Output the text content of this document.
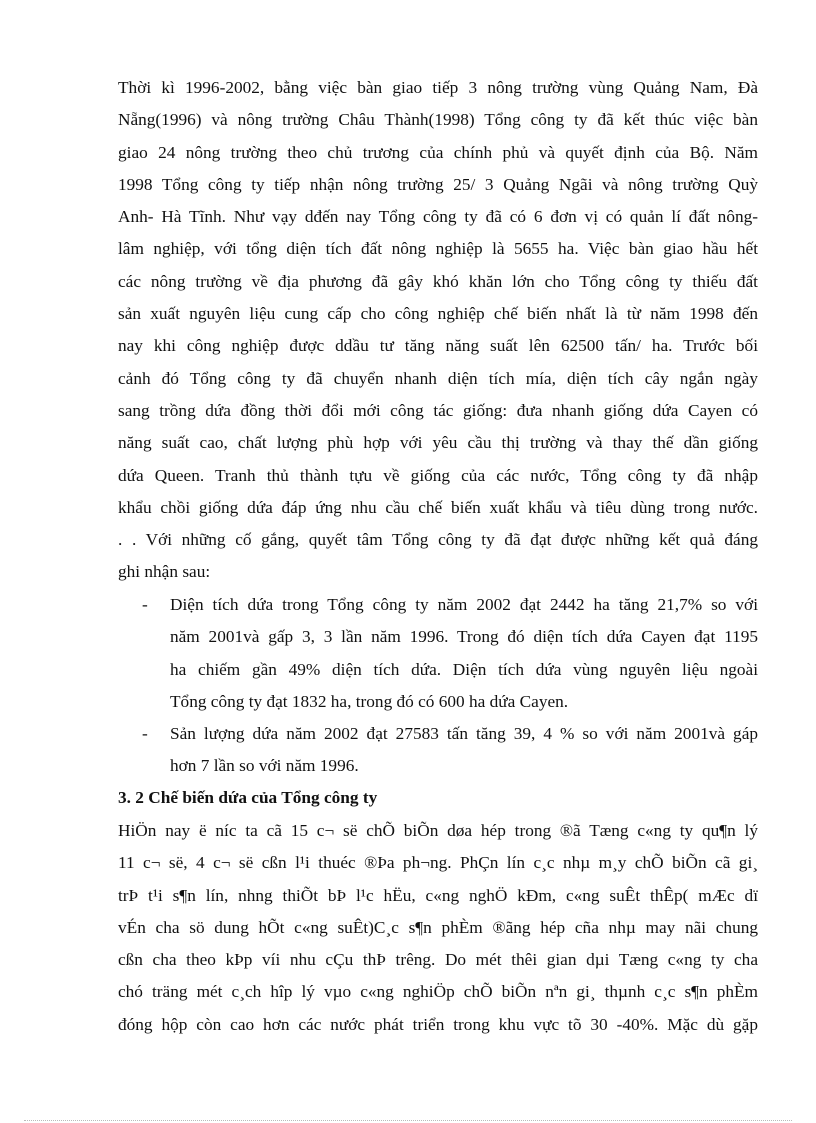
Thời kì 1996-2002, bằng việc bàn giao tiếp 3 nông trường vùng Quảng Nam, Đà
Nẵng(1996) và nông trường Châu Thành(1998) Tổng công ty đã kết thúc việc bàn
giao 24 nông trường theo chủ trương của chính phủ và quyết định của Bộ. Năm
1998 Tổng công ty tiếp nhận nông trường 25/ 3 Quảng Ngãi và nông trường Quỳ
Anh- Hà Tĩnh. Như vạy dđến nay Tổng công ty đã có 6 đơn vị có quản lí đất nông-
lâm nghiệp, với tổng diện tích đất nông nghiệp là 5655 ha. Việc bàn giao hầu hết
các nông trường về địa phương đã gây khó khăn lớn cho Tổng công ty thiếu đất
sản xuất nguyên liệu cung cấp cho công nghiệp chế biến nhất là từ năm 1998 đến
nay khi công nghiệp được ddầu tư tăng năng suất lên 62500 tấn/ ha. Trước bối
cảnh đó Tổng công ty đã chuyển nhanh diện tích mía, diện tích cây ngắn ngày
sang trồng dứa đồng thời đổi mới công tác giống: đưa nhanh giống dứa Cayen có
năng suất cao, chất lượng phù hợp với yêu cầu thị trường và thay thế dần giống
dứa Queen. Tranh thủ thành tựu về giống của các nước, Tổng công ty đã nhập
khẩu chồi giống dứa đáp ứng nhu cầu chế biến xuất khẩu và tiêu dùng trong nước.
. . Với những cố gắng, quyết tâm Tổng công ty đã đạt được những kết quả đáng
ghi nhận sau:
- Diện tích dứa trong Tổng công ty năm 2002 đạt 2442 ha tăng 21,7% so với
năm 2001và gấp 3, 3 lần năm 1996. Trong đó diện tích dứa Cayen đạt 1195
ha chiếm gần 49% diện tích dứa. Diện tích dứa vùng nguyên liệu ngoài
Tổng công ty đạt 1832 ha, trong đó có 600 ha dứa Cayen.
- Sản lượng dứa năm 2002 đạt 27583 tấn tăng 39, 4 % so với năm 2001và gáp
hơn 7 lần so với năm 1996.
3. 2 Chế biến dứa của Tổng công ty
HiÖn nay ë níc ta cã 15 c¬ së chÕ biÕn døa hép trong ®ã Tæng c«ng ty qu¶n lý
11 c¬ së, 4 c¬ së cßn l¹i thuéc ®Þa ph¬ng. PhÇn lín c¸c nhµ m¸y chÕ biÕn cã gi¸
trÞ t¹i s¶n lín, nhng thiÕt bÞ l¹c hËu, c«ng nghÖ kÐm, c«ng suÊt thÊp( mÆc dï
vÉn cha sö dung hÕt c«ng suÊt)C¸c s¶n phÈm ®ãng hép cña nhµ may nãi chung
cßn cha theo kÞp víi nhu cÇu thÞ trêng. Do mét thêi gian dµi Tæng c«ng ty cha
chó träng mét c¸ch hîp lý vµo c«ng nghiÖp chÕ biÕn nªn gi¸ thµnh c¸c s¶n phÈm
đóng hộp còn cao hơn các nước phát triển trong khu vực tõ 30 -40%. Mặc dù gặp
